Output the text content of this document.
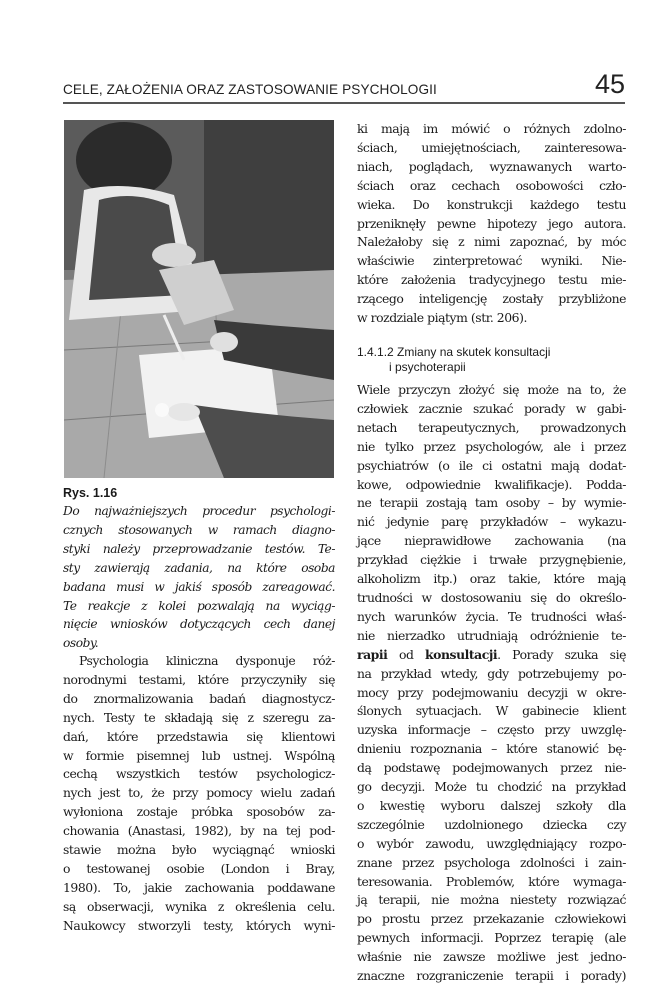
CELE, ZAŁOŻENIA ORAZ ZASTOSOWANIE PSYCHOLOGII	45

Rys. 1.16

Do najważniejszych procedur psychologi-
cznych stosowanych w ramach diagno-
styki należy przeprowadzanie testów. Te-
sty zawierają zadania, na które osoba
badana musi w jakiś sposób zareagować.
Te reakcje z kolei pozwalają na wyciąg-
nięcie wniosków dotyczących cech danej
osoby.

Psychologia kliniczna dysponuje róż-
norodnymi testami, które przyczyniły się
do znormalizowania badań diagnostycz-
nych. Testy te składają się z szeregu za-
dań, które przedstawia się klientowi
w formie pisemnej lub ustnej. Wspólną
cechą wszystkich testów psychologicz-
nych jest to, że przy pomocy wielu zadań
wyłoniona zostaje próbka sposobów za-
chowania (Anastasi, 1982), by na tej pod-
stawie można było wyciągnąć wnioski
o testowanej osobie (London i Bray,
1980). To, jakie zachowania poddawane
są obserwacji, wynika z określenia celu.
Naukowcy stworzyli testy, których wyni-
ki mają im mówić o różnych zdolno-
ściach, umiejętnościach, zainteresowa-
niach, poglądach, wyznawanych warto-
ściach oraz cechach osobowości czło-
wieka. Do konstrukcji każdego testu
przeniknęły pewne hipotezy jego autora.
Należałoby się z nimi zapoznać, by móc
właściwie zinterpretować wyniki. Nie-
które założenia tradycyjnego testu mie-
rzącego inteligencję zostały przybliżone
w rozdziale piątym (str. 206).
1.4.1.2 Zmiany na skutek konsultacji
i psychoterapii
Wiele przyczyn złożyć się może na to, że
człowiek zacznie szukać porady w gabi-
netach terapeutycznych, prowadzonych
nie tylko przez psychologów, ale i przez
psychiatrów (o ile ci ostatni mają dodat-
kowe, odpowiednie kwalifikacje). Podda-
ne terapii zostają tam osoby – by wymie-
nić jedynie parę przykładów – wykazu-
jące nieprawidłowe zachowania (na
przykład ciężkie i trwałe przygnębienie,
alkoholizm itp.) oraz takie, które mają
trudności w dostosowaniu się do określo-
nych warunków życia. Te trudności właś-
nie nierzadko utrudniają odróżnienie te-
rapii od konsultacji. Porady szuka się
na przykład wtedy, gdy potrzebujemy po-
mocy przy podejmowaniu decyzji w okre-
ślonych sytuacjach. W gabinecie klient
uzyska informacje – często przy uwzglę-
dnieniu rozpoznania – które stanowić bę-
dą podstawę podejmowanych przez nie-
go decyzji. Może tu chodzić na przykład
o kwestię wyboru dalszej szkoły dla
szczególnie uzdolnionego dziecka czy
o wybór zawodu, uwzględniający rozpo-
znane przez psychologa zdolności i zain-
teresowania. Problemów, które wymaga-
ją terapii, nie można niestety rozwiązać
po prostu przez przekazanie człowiekowi
pewnych informacji. Poprzez terapię (ale
właśnie nie zawsze możliwe jest jedno-
znaczne rozgraniczenie terapii i porady)
